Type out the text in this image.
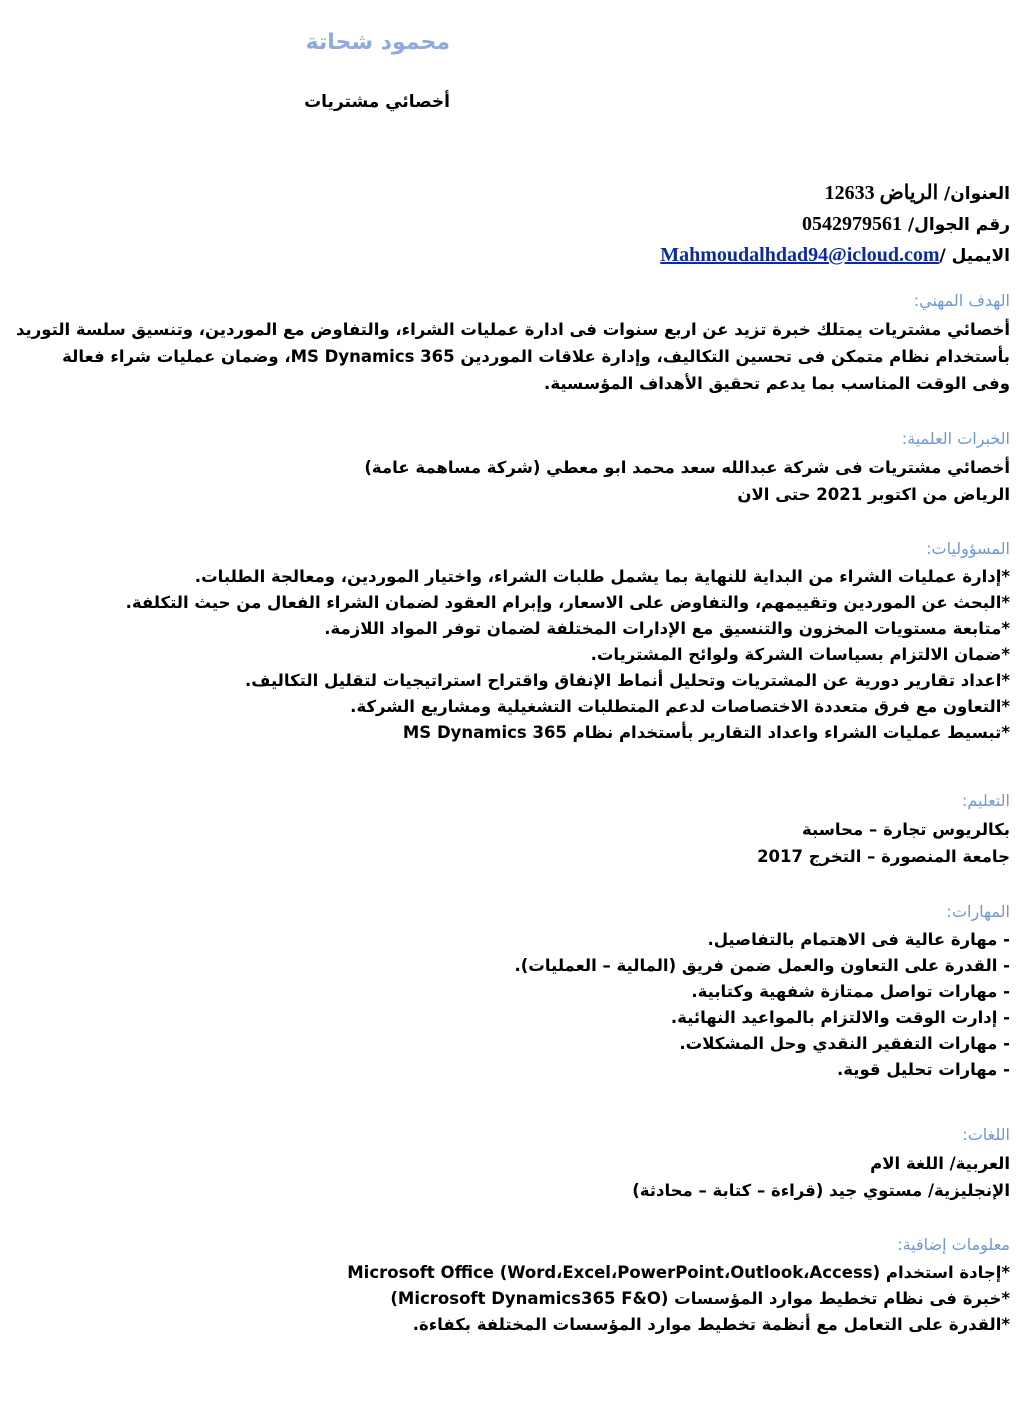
محمود شحاتة
أخصائي مشتريات
العنوان/ الرياض 12633
رقم الجوال/ 0542979561
الايميل /Mahmoudalhdad94@icloud.com
الهدف المهني:
أخصائي مشتريات يمتلك خبرة تزيد عن اربع سنوات فى ادارة عمليات الشراء، والتفاوض مع الموردين، وتنسيق سلسة التوريد
بأستخدام نظام متمكن فى تحسين التكاليف، وإدارة علاقات الموردين MS Dynamics 365، وضمان عمليات شراء فعالة
وفى الوقت المناسب بما يدعم تحقيق الأهداف المؤسسية.
الخبرات العلمية:
أخصائي مشتريات فى شركة عبدالله سعد محمد ابو معطي (شركة مساهمة عامة)
الرياض من اكتوبر 2021 حتى الان
المسؤوليات:
*إدارة عمليات الشراء من البداية للنهاية بما يشمل طلبات الشراء، واختيار الموردين، ومعالجة الطلبات.
*البحث عن الموردين وتقييمهم، والتفاوض على الاسعار، وإبرام العقود لضمان الشراء الفعال من حيث التكلفة.
*متابعة مستويات المخزون والتنسيق مع الإدارات المختلفة لضمان توفر المواد اللازمة.
*ضمان الالتزام بسياسات الشركة ولوائح المشتريات.
*اعداد تقارير دورية عن المشتريات وتحليل أنماط الإنفاق واقتراح استراتيجيات لتقليل التكاليف.
*التعاون مع فرق متعددة الاختصاصات لدعم المتطلبات التشغيلية ومشاريع الشركة.
*تبسيط عمليات الشراء واعداد التقارير بأستخدام نظام MS Dynamics 365
التعليم:
بكالريوس تجارة – محاسبة
جامعة المنصورة – التخرج 2017
المهارات:
- مهارة عالية فى الاهتمام بالتفاصيل.
- القدرة على التعاون والعمل ضمن فريق (المالية – العمليات).
- مهارات تواصل ممتازة شفهية وكتابية.
- إدارت الوقت والالتزام بالمواعيد النهائية.
- مهارات التفقير النقدي وحل المشكلات.
- مهارات تحليل قوية.
اللغات:
العربية/ اللغة الام
الإنجليزية/ مستوي جيد (قراءة – كتابة – محادثة)
معلومات إضافية:
*إجادة استخدام Microsoft Office (Word،Excel،PowerPoint،Outlook،Access)
*خبرة فى نظام تخطيط موارد المؤسسات (Microsoft Dynamics365 F&O)
*القدرة على التعامل مع أنظمة تخطيط موارد المؤسسات المختلفة بكفاءة.
